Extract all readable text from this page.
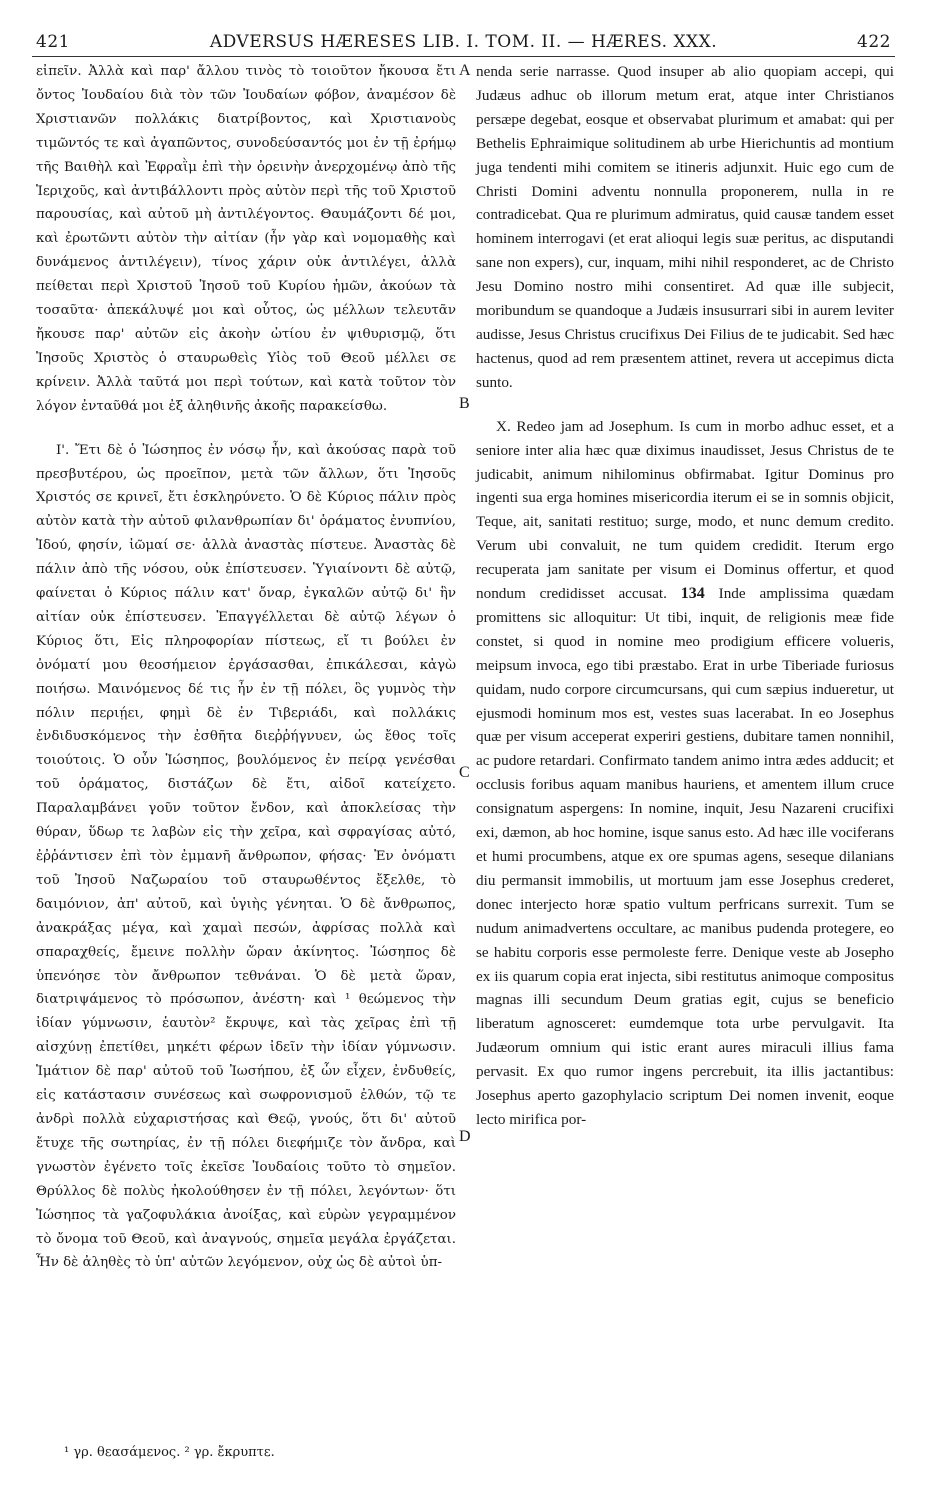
421	ADVERSUS HÆRESES LIB. I. TOM. II. — HÆRES. XXX.	422

εἰπεῖν. Ἀλλὰ καὶ παρ' ἄλλου τινὸς τὸ τοιοῦτον ἤκουσα ἔτι ὄντος Ἰουδαίου διὰ τὸν τῶν Ἰουδαίων φόβον, ἀναμέσον δὲ Χριστιανῶν πολλάκις διατρίβοντος, καὶ Χριστιανοὺς τιμῶντός τε καὶ ἀγαπῶντος, συνοδεύσαντός μοι ἐν τῇ ἐρήμῳ τῆς Βαιθὴλ καὶ Ἐφραῒμ ἐπὶ τὴν ὀρεινὴν ἀνερχομένῳ ἀπὸ τῆς Ἱεριχοῦς, καὶ ἀντιβάλλοντι πρὸς αὐτὸν περὶ τῆς τοῦ Χριστοῦ παρουσίας, καὶ αὐτοῦ μὴ ἀντιλέγοντος. Θαυμάζοντι δέ μοι, καὶ ἐρωτῶντι αὐτὸν τὴν αἰτίαν (ἦν γὰρ καὶ νομομαθὴς καὶ δυνάμενος ἀντιλέγειν), τίνος χάριν οὐκ ἀντιλέγει, ἀλλὰ πείθεται περὶ Χριστοῦ Ἰησοῦ τοῦ Κυρίου ἡμῶν, ἀκούων τὰ τοσαῦτα· ἀπεκάλυψέ μοι καὶ οὗτος, ὡς μέλλων τελευτᾶν ἤκουσε παρ' αὐτῶν εἰς ἀκοὴν ὠτίου ἐν ψιθυρισμῷ, ὅτι Ἰησοῦς Χριστὸς ὁ σταυρωθεὶς Υἱὸς τοῦ Θεοῦ μέλλει σε κρίνειν. Ἀλλὰ ταῦτά μοι περὶ τούτων, καὶ κατὰ τοῦτον τὸν λόγον ἐνταῦθά μοι ἐξ ἀληθινῆς ἀκοῆς παρακείσθω.

Ι'. Ἔτι δὲ ὁ Ἰώσηπος ἐν νόσῳ ἦν, καὶ ἀκούσας παρὰ τοῦ πρεσβυτέρου, ὡς προεῖπον, μετὰ τῶν ἄλλων, ὅτι Ἰησοῦς Χριστός σε κρινεῖ, ἔτι ἐσκληρύνετο. Ὁ δὲ Κύριος πάλιν πρὸς αὐτὸν κατὰ τὴν αὐτοῦ φιλανθρωπίαν δι' ὁράματος ἐνυπνίου, Ἰδού, φησίν, ἰῶμαί σε· ἀλλὰ ἀναστὰς πίστευε. Ἀναστὰς δὲ πάλιν ἀπὸ τῆς νόσου, οὐκ ἐπίστευσεν. Ὑγιαίνοντι δὲ αὐτῷ, φαίνεται ὁ Κύριος πάλιν κατ' ὄναρ, ἐγκαλῶν αὐτῷ δι' ἣν αἰτίαν οὐκ ἐπίστευσεν. Ἐπαγγέλλεται δὲ αὐτῷ λέγων ὁ Κύριος ὅτι, Εἰς πληροφορίαν πίστεως, εἴ τι βούλει ἐν ὀνόματί μου θεοσήμειον ἐργάσασθαι, ἐπικάλεσαι, κἀγὼ ποιήσω. Μαινόμενος δέ τις ἦν ἐν τῇ πόλει, ὃς γυμνὸς τὴν πόλιν περιῄει, φημὶ δὲ ἐν Τιβεριάδι, καὶ πολλάκις ἐνδιδυσκόμενος τὴν ἐσθῆτα διεῤῥήγνυεν, ὡς ἔθος τοῖς τοιούτοις. Ὁ οὖν Ἰώσηπος, βουλόμενος ἐν πείρᾳ γενέσθαι τοῦ ὁράματος, διστάζων δὲ ἔτι, αἰδοῖ κατείχετο. Παραλαμβάνει γοῦν τοῦτον ἔνδον, καὶ ἀποκλείσας τὴν θύραν, ὕδωρ τε λαβὼν εἰς τὴν χεῖρα, καὶ σφραγίσας αὐτό, ἐῤῥάντισεν ἐπὶ τὸν ἐμμανῆ ἄνθρωπον, φήσας· Ἐν ὀνόματι τοῦ Ἰησοῦ Ναζωραίου τοῦ σταυρωθέντος ἔξελθε, τὸ δαιμόνιον, ἀπ' αὐτοῦ, καὶ ὑγιὴς γένηται. Ὁ δὲ ἄνθρωπος, ἀνακράξας μέγα, καὶ χαμαὶ πεσών, ἀφρίσας πολλὰ καὶ σπαραχθείς, ἔμεινε πολλὴν ὥραν ἀκίνητος. Ἰώσηπος δὲ ὑπενόησε τὸν ἄνθρωπον τεθνάναι. Ὁ δὲ μετὰ ὥραν, διατριψάμενος τὸ πρόσωπον, ἀνέστη· καὶ ¹ θεώμενος τὴν ἰδίαν γύμνωσιν, ἑαυτὸν² ἔκρυψε, καὶ τὰς χεῖρας ἐπὶ τῇ αἰσχύνῃ ἐπετίθει, μηκέτι φέρων ἰδεῖν τὴν ἰδίαν γύμνωσιν. Ἱμάτιον δὲ παρ' αὐτοῦ τοῦ Ἰωσήπου, ἐξ ὧν εἶχεν, ἐνδυθείς, εἰς κατάστασιν συνέσεως καὶ σωφρονισμοῦ ἐλθών, τῷ τε ἀνδρὶ πολλὰ εὐχαριστήσας καὶ Θεῷ, γνούς, ὅτι δι' αὐτοῦ ἔτυχε τῆς σωτηρίας, ἐν τῇ πόλει διεφήμιζε τὸν ἄνδρα, καὶ γνωστὸν ἐγένετο τοῖς ἐκεῖσε Ἰουδαίοις τοῦτο τὸ σημεῖον. Θρύλλος δὲ πολὺς ἠκολούθησεν ἐν τῇ πόλει, λεγόντων· ὅτι Ἰώσηπος τὰ γαζοφυλάκια ἀνοίξας, καὶ εὑρὼν γεγραμμένον τὸ ὄνομα τοῦ Θεοῦ, καὶ ἀναγνούς, σημεῖα μεγάλα ἐργάζεται. Ἦν δὲ ἀληθὲς τὸ ὑπ' αὐτῶν λεγόμενον, οὐχ ὡς δὲ αὐτοὶ ὑπ-

A
B
C
D

nenda serie narrasse. Quod insuper ab alio quopiam accepi, qui Judæus adhuc ob illorum metum erat, atque inter Christianos persæpe degebat, eosque et observabat plurimum et amabat: qui per Bethelis Ephraimique solitudinem ab urbe Hierichuntis ad montium juga tendenti mihi comitem se itineris adjunxit. Huic ego cum de Christi Domini adventu nonnulla proponerem, nulla in re contradicebat. Qua re plurimum admiratus, quid causæ tandem esset hominem interrogavi (et erat alioqui legis suæ peritus, ac disputandi sane non expers), cur, inquam, mihi nihil responderet, ac de Christo Jesu Domino nostro mihi consentiret. Ad quæ ille subjecit, moribundum se quandoque a Judæis insusurrari sibi in aurem leviter audisse, Jesus Christus crucifixus Dei Filius de te judicabit. Sed hæc hactenus, quod ad rem præsentem attinet, revera ut accepimus dicta sunto.

X. Redeo jam ad Josephum. Is cum in morbo adhuc esset, et a seniore inter alia hæc quæ diximus inaudisset, Jesus Christus de te judicabit, animum nihilominus obfirmabat. Igitur Dominus pro ingenti sua erga homines misericordia iterum ei se in somnis objicit, Teque, ait, sanitati restituo; surge, modo, et nunc demum credito. Verum ubi convaluit, ne tum quidem credidit. Iterum ergo recuperata jam sanitate per visum ei Dominus offertur, et quod nondum credidisset accusat. 134 Inde amplissima quædam promittens sic alloquitur: Ut tibi, inquit, de religionis meæ fide constet, si quod in nomine meo prodigium efficere volueris, meipsum invoca, ego tibi præstabo. Erat in urbe Tiberiade furiosus quidam, nudo corpore circumcursans, qui cum sæpius indueretur, ut ejusmodi hominum mos est, vestes suas lacerabat. In eo Josephus quæ per visum acceperat experiri gestiens, dubitare tamen nonnihil, ac pudore retardari. Confirmato tandem animo intra ædes adducit; et occlusis foribus aquam manibus hauriens, et amentem illum cruce consignatum aspergens: In nomine, inquit, Jesu Nazareni crucifixi exi, dæmon, ab hoc homine, isque sanus esto. Ad hæc ille vociferans et humi procumbens, atque ex ore spumas agens, seseque dilanians diu permansit immobilis, ut mortuum jam esse Josephus crederet, donec interjecto horæ spatio vultum perfricans surrexit. Tum se nudum animadvertens occultare, ac manibus pudenda protegere, eo se habitu corporis esse permoleste ferre. Denique veste ab Josepho ex iis quarum copia erat injecta, sibi restitutus animoque compositus magnas illi secundum Deum gratias egit, cujus se beneficio liberatum agnosceret: eumdemque tota urbe pervulgavit. Ita Judæorum omnium qui istic erant aures miraculi illius fama pervasit. Ex quo rumor ingens percrebuit, ita illis jactantibus: Josephus aperto gazophylacio scriptum Dei nomen invenit, eoque lecto mirifica por-

¹ γρ. θεασάμενος. ² γρ. ἔκρυπτε.
